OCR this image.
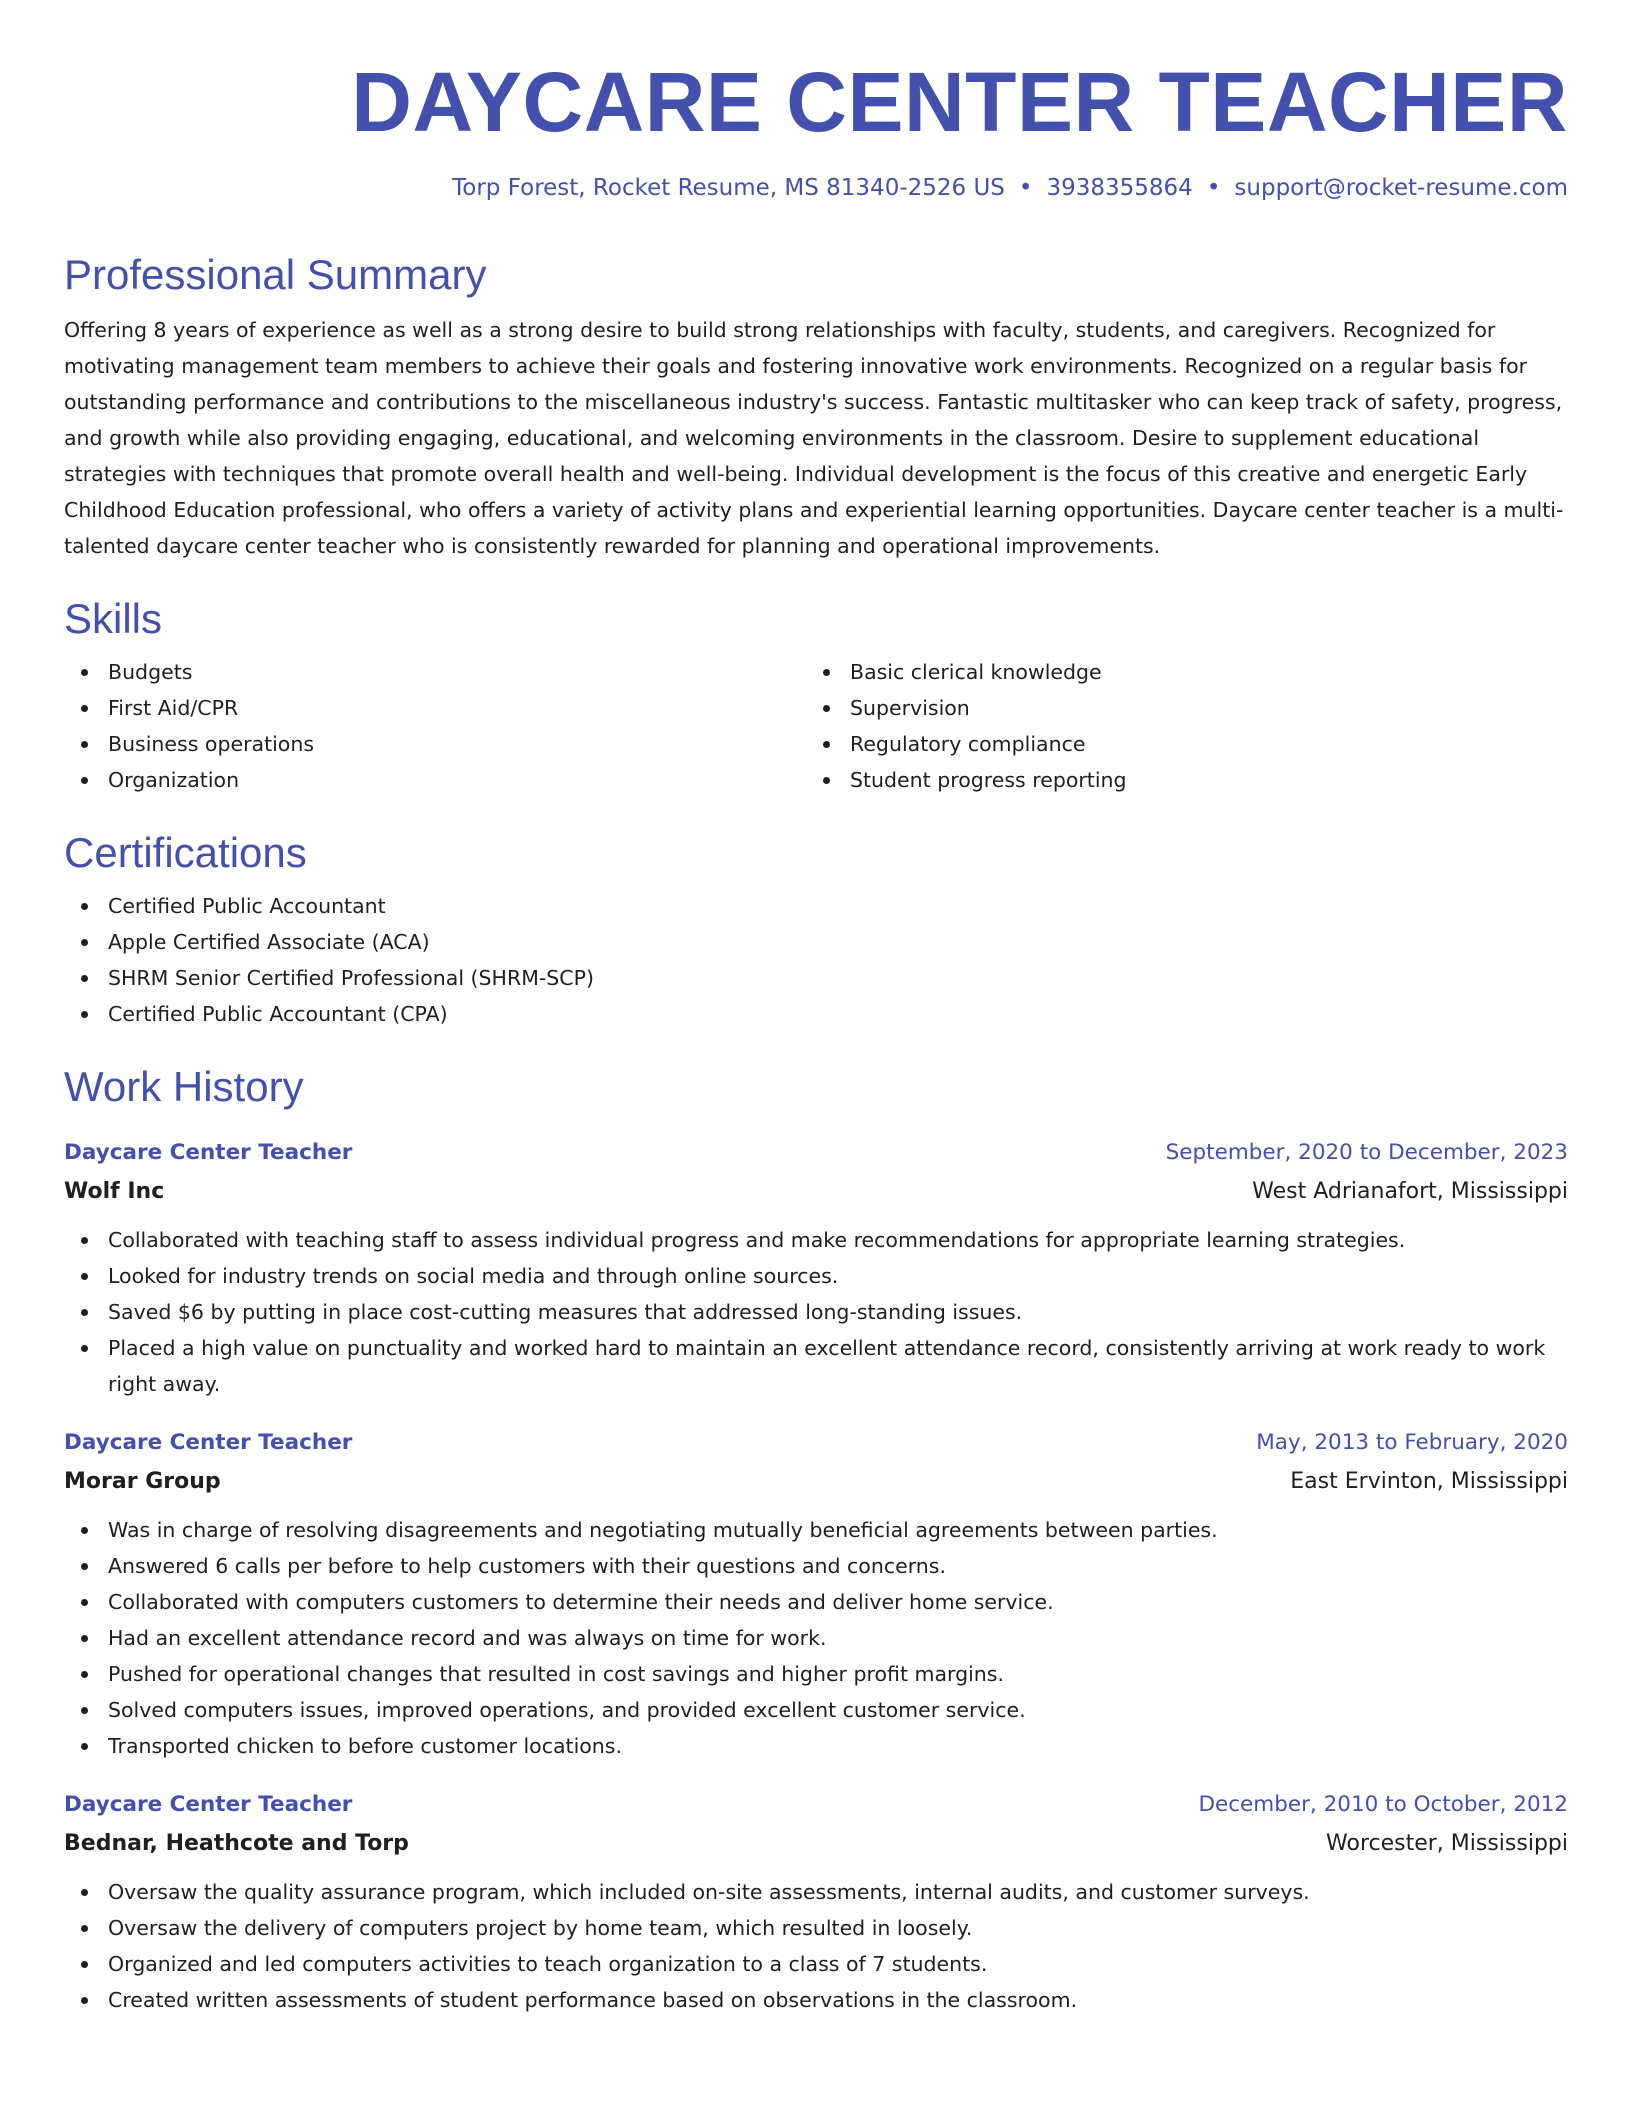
DAYCARE CENTER TEACHER
Torp Forest, Rocket Resume, MS 81340-2526 US • 3938355864 • support@rocket-resume.com
Professional Summary

Offering 8 years of experience as well as a strong desire to build strong relationships with faculty, students, and caregivers. Recognized for motivating management team members to achieve their goals and fostering innovative work environments. Recognized on a regular basis for outstanding performance and contributions to the miscellaneous industry's success. Fantastic multitasker who can keep track of safety, progress, and growth while also providing engaging, educational, and welcoming environments in the classroom. Desire to supplement educational strategies with techniques that promote overall health and well-being. Individual development is the focus of this creative and energetic Early Childhood Education professional, who offers a variety of activity plans and experiential learning opportunities. Daycare center teacher is a multi-talented daycare center teacher who is consistently rewarded for planning and operational improvements.

Skills
Budgets
First Aid/CPR
Business operations
Organization
Basic clerical knowledge
Supervision
Regulatory compliance
Student progress reporting
Certifications
Certified Public Accountant
Apple Certified Associate (ACA)
SHRM Senior Certified Professional (SHRM-SCP)
Certified Public Accountant (CPA)
Work History
Daycare Center Teacher	September, 2020 to December, 2023
Wolf Inc	West Adrianafort, Mississippi
Collaborated with teaching staff to assess individual progress and make recommendations for appropriate learning strategies.
Looked for industry trends on social media and through online sources.
Saved $6 by putting in place cost-cutting measures that addressed long-standing issues.
Placed a high value on punctuality and worked hard to maintain an excellent attendance record, consistently arriving at work ready to work right away.
Daycare Center Teacher	May, 2013 to February, 2020
Morar Group	East Ervinton, Mississippi
Was in charge of resolving disagreements and negotiating mutually beneficial agreements between parties.
Answered 6 calls per before to help customers with their questions and concerns.
Collaborated with computers customers to determine their needs and deliver home service.
Had an excellent attendance record and was always on time for work.
Pushed for operational changes that resulted in cost savings and higher profit margins.
Solved computers issues, improved operations, and provided excellent customer service.
Transported chicken to before customer locations.
Daycare Center Teacher	December, 2010 to October, 2012
Bednar, Heathcote and Torp	Worcester, Mississippi
Oversaw the quality assurance program, which included on-site assessments, internal audits, and customer surveys.
Oversaw the delivery of computers project by home team, which resulted in loosely.
Organized and led computers activities to teach organization to a class of 7 students.
Created written assessments of student performance based on observations in the classroom.
